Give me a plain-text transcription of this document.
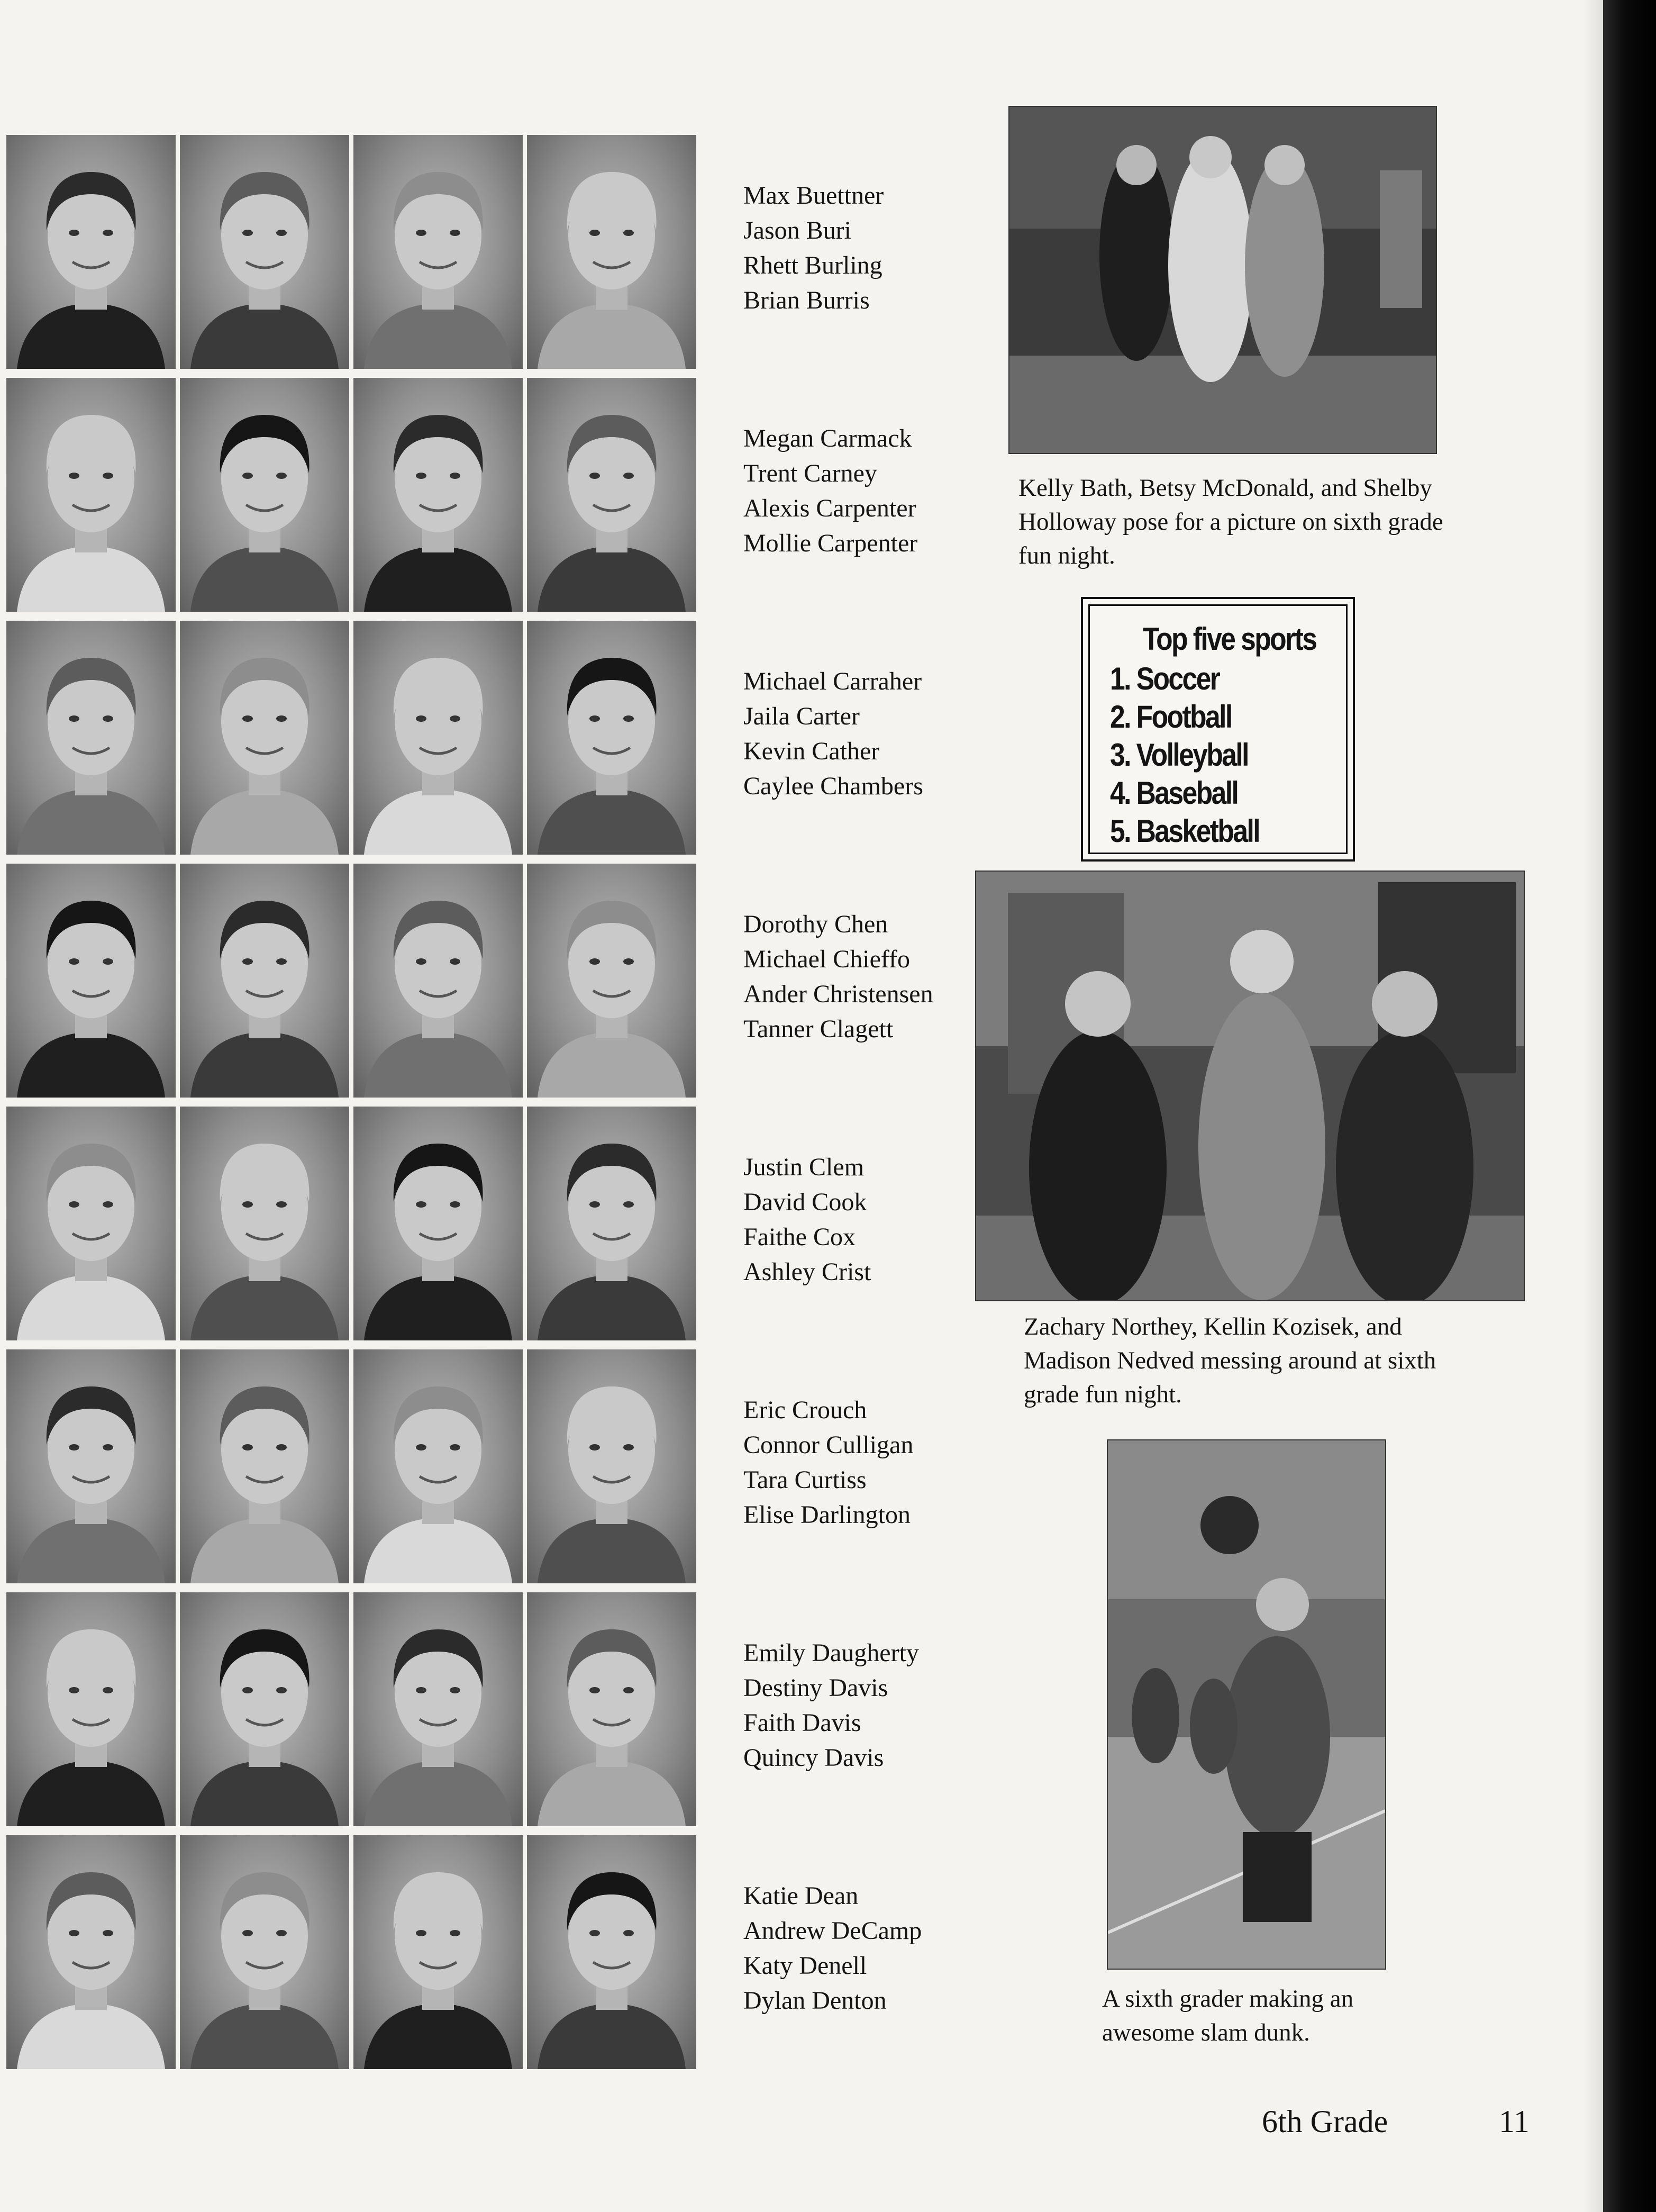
Max Buettner
Jason Buri
Rhett Burling
Brian Burris
Megan Carmack
Trent Carney
Alexis Carpenter
Mollie Carpenter
Michael Carraher
Jaila Carter
Kevin Cather
Caylee Chambers
Dorothy Chen
Michael Chieffo
Ander Christensen
Tanner Clagett
Justin Clem
David Cook
Faithe Cox
Ashley Crist
Eric Crouch
Connor Culligan
Tara Curtiss
Elise Darlington
Emily Daugherty
Destiny Davis
Faith Davis
Quincy Davis
Katie Dean
Andrew DeCamp
Katy Denell
Dylan Denton

Kelly Bath, Betsy McDonald, and Shelby Holloway pose for a picture on sixth grade fun night.

Top five sports
1. Soccer
2. Football
3. Volleyball
4. Baseball
5. Basketball

Zachary Northey, Kellin Kozisek, and Madison Nedved messing around at sixth grade fun night.

A sixth grader making an awesome slam dunk.

6th Grade	11
